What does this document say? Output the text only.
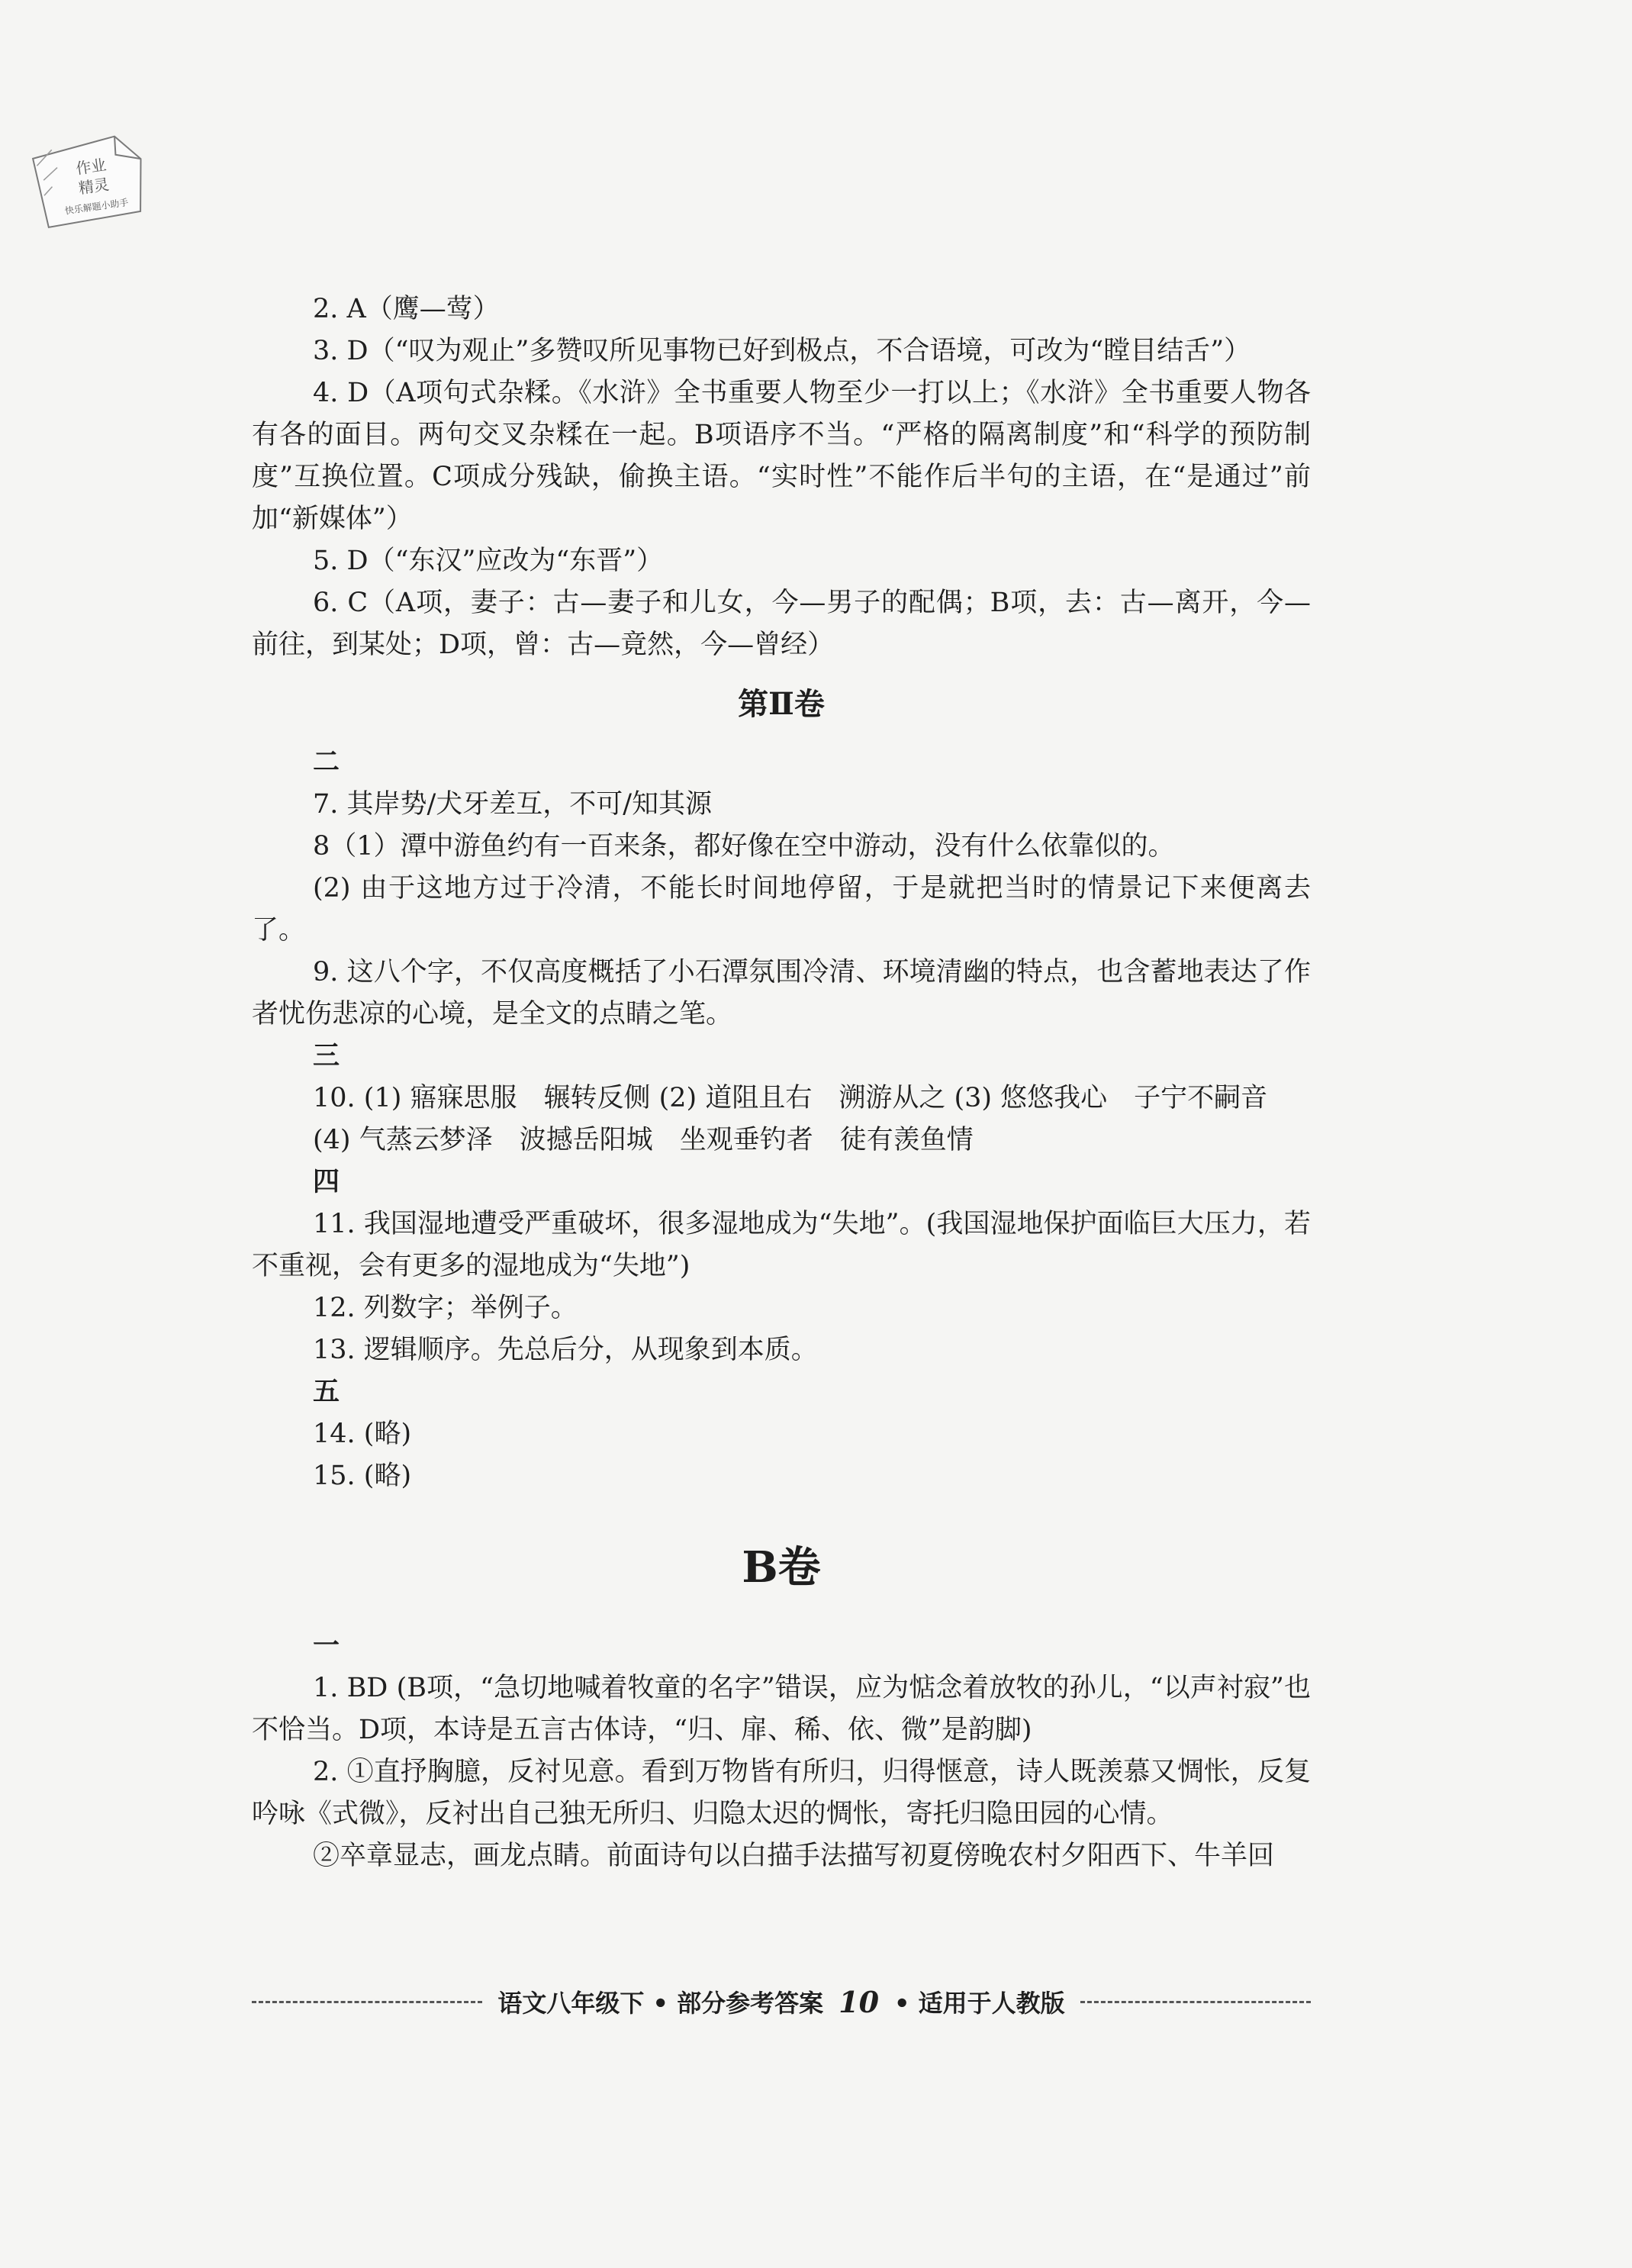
作业
精灵
快乐解题小助手

2. A（鹰—莺）

3. D（“叹为观止”多赞叹所见事物已好到极点，不合语境，可改为“瞠目结舌”）

4. D（A项句式杂糅。《水浒》全书重要人物至少一打以上；《水浒》全书重要人物各有各的面目。两句交叉杂糅在一起。B项语序不当。“严格的隔离制度”和“科学的预防制度”互换位置。C项成分残缺，偷换主语。“实时性”不能作后半句的主语，在“是通过”前加“新媒体”）

5. D（“东汉”应改为“东晋”）

6. C（A项，妻子：古—妻子和儿女，今—男子的配偶；B项，去：古—离开，今—前往，到某处；D项，曾：古—竟然，今—曾经）

第Ⅱ卷

二

7. 其岸势/犬牙差互，不可/知其源

8（1）潭中游鱼约有一百来条，都好像在空中游动，没有什么依靠似的。

(2) 由于这地方过于冷清，不能长时间地停留，于是就把当时的情景记下来便离去了。

9. 这八个字，不仅高度概括了小石潭氛围冷清、环境清幽的特点，也含蓄地表达了作者忧伤悲凉的心境，是全文的点睛之笔。

三

10. (1) 寤寐思服　辗转反侧 (2) 道阻且右　溯游从之 (3) 悠悠我心　子宁不嗣音

(4) 气蒸云梦泽　波撼岳阳城　坐观垂钓者　徒有羡鱼情

四

11. 我国湿地遭受严重破坏，很多湿地成为“失地”。(我国湿地保护面临巨大压力，若不重视，会有更多的湿地成为“失地”)

12. 列数字；举例子。

13. 逻辑顺序。先总后分，从现象到本质。

五

14. (略)

15. (略)

B卷

一

1. BD (B项，“急切地喊着牧童的名字”错误，应为惦念着放牧的孙儿，“以声衬寂”也不恰当。D项，本诗是五言古体诗，“归、扉、稀、依、微”是韵脚)

2. ①直抒胸臆，反衬见意。看到万物皆有所归，归得惬意，诗人既羡慕又惆怅，反复吟咏《式微》，反衬出自己独无所归、归隐太迟的惆怅，寄托归隐田园的心情。

②卒章显志，画龙点睛。前面诗句以白描手法描写初夏傍晚农村夕阳西下、牛羊回

语文八年级下 • 部分参考答案 10 • 适用于人教版
